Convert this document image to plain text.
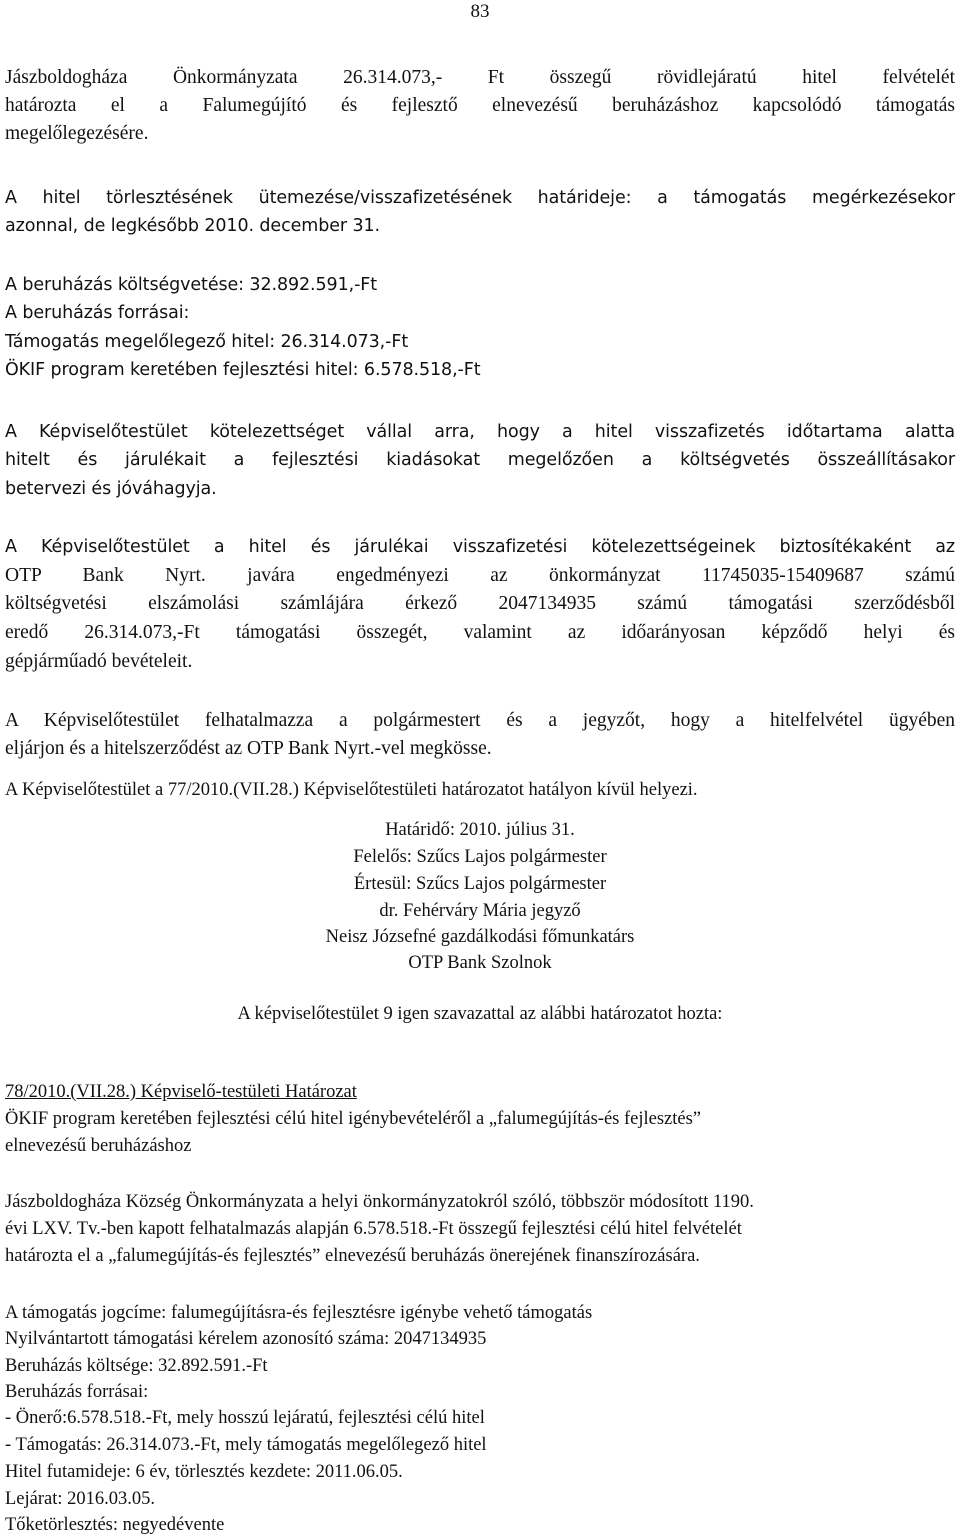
83
Jászboldogháza Önkormányzata 26.314.073,- Ft összegű rövidlejáratú hitel felvételét
határozta el a Falumegújító és fejlesztő elnevezésű beruházáshoz kapcsolódó támogatás
megelőlegezésére.
A hitel törlesztésének ütemezése/visszafizetésének határideje: a támogatás megérkezésekor
azonnal, de legkésőbb 2010. december 31.
A beruházás költségvetése: 32.892.591,-Ft
A beruházás forrásai:
Támogatás megelőlegező hitel: 26.314.073,-Ft
ÖKIF program keretében fejlesztési hitel: 6.578.518,-Ft
A Képviselőtestület kötelezettséget vállal arra, hogy a hitel visszafizetés időtartama alatta
hitelt és járulékait a fejlesztési kiadásokat megelőzően a költségvetés összeállításakor
betervezi és jóváhagyja.
A Képviselőtestület a hitel és járulékai visszafizetési kötelezettségeinek biztosítékaként az
OTP Bank Nyrt. javára engedményezi az önkormányzat 11745035-15409687 számú
költségvetési elszámolási számlájára érkező 2047134935 számú támogatási szerződésből
eredő 26.314.073,-Ft támogatási összegét, valamint az időarányosan képződő helyi és
gépjárműadó bevételeit.
A Képviselőtestület felhatalmazza a polgármestert és a jegyzőt, hogy a hitelfelvétel ügyében
eljárjon és a hitelszerződést az OTP Bank Nyrt.-vel megkösse.
A Képviselőtestület a 77/2010.(VII.28.) Képviselőtestületi határozatot hatályon kívül helyezi.
Határidő: 2010. július 31.
Felelős: Szűcs Lajos polgármester
Értesül: Szűcs Lajos polgármester
dr. Fehérváry Mária jegyző
Neisz Józsefné gazdálkodási főmunkatárs
OTP Bank Szolnok
A képviselőtestület 9 igen szavazattal az alábbi határozatot hozta:
78/2010.(VII.28.) Képviselő-testületi Határozat
ÖKIF program keretében fejlesztési célú hitel igénybevételéről a „falumegújítás-és fejlesztés”
elnevezésű beruházáshoz
Jászboldogháza Község Önkormányzata a helyi önkormányzatokról szóló, többször módosított 1190.
évi LXV. Tv.-ben kapott felhatalmazás alapján 6.578.518.-Ft összegű fejlesztési célú hitel felvételét
határozta el a „falumegújítás-és fejlesztés” elnevezésű beruházás önerejének finanszírozására.
A támogatás jogcíme: falumegújításra-és fejlesztésre igénybe vehető támogatás
Nyilvántartott támogatási kérelem azonosító száma: 2047134935
Beruházás költsége: 32.892.591.-Ft
Beruházás forrásai:
- Önerő:6.578.518.-Ft, mely hosszú lejáratú, fejlesztési célú hitel
- Támogatás: 26.314.073.-Ft, mely támogatás megelőlegező hitel
Hitel futamideje: 6 év, törlesztés kezdete: 2011.06.05.
Lejárat: 2016.03.05.
Tőketörlesztés: negyedévente
